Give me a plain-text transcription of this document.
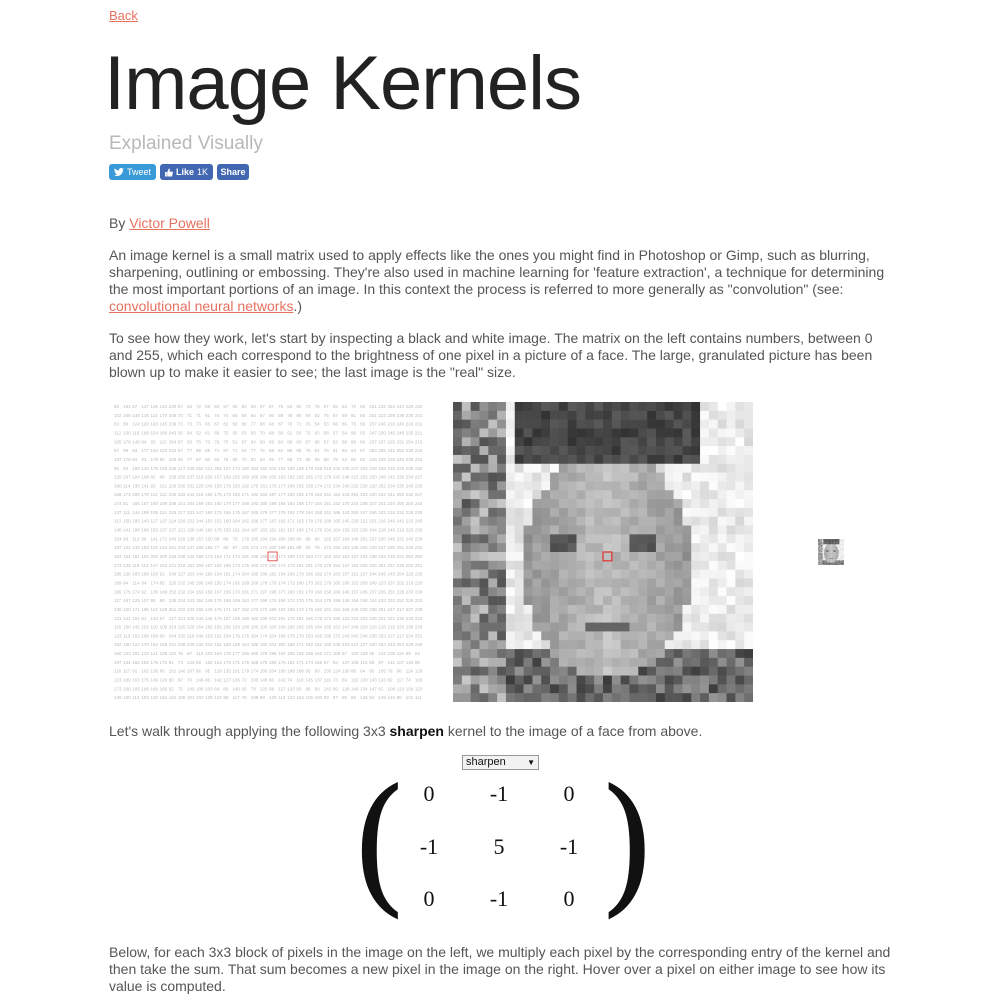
Back
Image Kernels
Explained Visually
Tweet	Like 1K Share

By Victor Powell

An image kernel is a small matrix used to apply effects like the ones you might find in Photoshop or Gimp, such as blurring, sharpening, outlining or embossing. They're also used in machine learning for 'feature extraction', a technique for determining the most important portions of an image. In this context the process is referred to more generally as "convolution" (see: convolutional neural networks.)

To see how they work, let's start by inspecting a black and white image. The matrix on the left contains numbers, between 0 and 255, which each correspond to the brightness of one pixel in a picture of a face. The large, granulated picture has been blown up to make it easier to see; the last image is the "real" size.

80 191 87 147 125 134 240 57 63 72 89 83 57 90 83 68 87 67 76 63 80 72 76 67 55 63 70 50 221 232 254 244 226 232
102 169 148 135 113 179 245 70 71 71 51 74 74 66 84 64 67 60 89 78 85 84 52 75 87 59 81 56 251 222 229 238 230 231
83 89 124 120 193 145 238 73 73 73 65 87 82 58 80 77 88 68 87 70 71 70 54 53 66 85 73 56 237 246 216 240 216 231
112 130 116 188 154 189 243 55 84 52 61 80 75 55 53 58 70 68 56 51 55 75 82 58 57 54 90 53 247 230 245 249 235 221
105 179 145 84 93 112 254 67 50 70 73 79 75 51 67 64 60 69 63 86 83 67 88 67 82 68 89 66 237 237 225 231 254 215
87 99 93 177 104 103 242 87 77 89 85 71 87 71 63 77 72 69 52 86 88 75 81 75 81 83 63 57 253 255 241 252 238 242
197 178 84 83 179 90 225 56 77 67 80 84 78 85 70 83 63 85 77 88 73 86 58 58 75 53 86 82 249 225 229 240 238 233
95 93 189 145 175 125 245 217 249 252 221 252 157 174 190 184 192 200 192 196 169 178 159 218 240 245 247 222 228 226 216 225 235 232
120 197 104 108 82 88 238 250 237 218 239 157 169 162 169 186 186 205 193 192 192 165 172 178 242 248 215 252 250 248 242 230 234 227
190 114 130 141 93 151 228 236 231 228 246 158 179 183 192 178 181 179 177 189 165 158 174 172 234 240 232 239 220 252 234 230 245 230
168 173 200 178 112 112 245 233 244 216 156 175 173 183 171 191 194 197 177 180 185 179 163 161 164 243 254 233 220 222 241 250 242 247
174 81 106 167 180 199 236 241 254 159 161 160 179 177 186 193 185 199 194 184 168 177 154 151 152 170 224 238 227 241 234 250 254 244
137 111 144 199 105 114 225 217 231 147 150 173 156 175 167 185 179 177 176 192 178 184 158 151 166 143 250 247 246 242 218 231 225 228
113 159 195 140 127 137 224 220 232 144 150 152 160 164 182 196 177 187 192 171 163 178 179 168 165 145 229 221 231 216 248 242 215 245
140 141 188 168 153 137 237 221 150 149 160 178 155 161 164 187 183 181 181 167 180 174 176 154 164 159 153 239 244 218 240 216 226 230
154 93 112 99 141 171 240 218 138 157 150 88 89 78 178 195 194 194 200 188 90 88 86 162 157 166 149 251 237 230 248 231 245 239
197 122 144 153 119 143 241 234 147 169 156 77 80 97 191 174 174 200 198 181 88 92 78 174 150 153 145 225 233 247 230 251 245 232
163 154 181 192 200 200 248 248 142 159 173 164 171 173 191 196 186 191 171 189 172 183 177 153 163 163 137 234 238 232 218 221 254 250
173 134 118 114 147 153 221 218 151 169 167 162 169 173 176 190 174 188 174 173 191 181 170 179 154 147 163 225 226 251 237 225 250 251
185 136 183 169 103 91 249 227 163 144 160 154 181 174 184 196 189 182 194 186 178 186 182 174 163 157 161 237 244 245 243 254 226 239
109 94 114 84 174 85 220 232 145 168 149 158 174 165 169 186 178 179 174 172 180 173 162 179 165 168 152 250 249 223 237 252 216 220
165 175 174 92 136 149 252 232 154 163 156 167 156 170 181 171 197 198 177 190 182 170 160 158 166 146 157 245 237 226 251 228 233 239
117 187 125 127 85 88 235 224 143 154 149 175 168 159 163 177 199 176 195 173 170 175 154 179 159 146 154 248 244 233 233 252 229 223
136 120 171 196 112 128 251 222 242 155 146 175 171 187 182 172 172 198 192 185 172 176 162 161 154 166 245 230 238 251 247 217 237 238
131 141 191 91 134 97 217 221 225 144 146 179 157 169 188 193 199 203 191 176 181 166 178 171 165 143 231 222 245 221 221 236 233 223
116 150 142 110 110 109 218 225 228 164 165 155 158 183 188 100 100 100 100 100 165 165 184 165 161 147 246 229 228 218 215 233 238 233
123 113 153 108 189 89 244 230 219 246 153 151 184 176 176 184 174 204 189 178 178 183 166 180 172 243 242 248 238 253 227 217 234 251
192 150 122 170 154 168 241 235 249 234 218 151 168 169 164 185 185 204 200 168 171 182 161 160 239 233 221 237 220 254 243 254 228 249
160 143 181 143 141 109 119 76 87 113 103 164 176 177 189 186 178 196 194 185 192 158 165 171 108 87 120 109 95 142 108 116 69 62
197 134 152 192 176 176 91 73 123 65 150 124 179 171 175 169 178 185 176 181 171 174 155 97 94 147 108 115 89 97 141 107 146 95
116 117 91 102 136 86 101 146 107 96 95 128 135 101 179 174 180 204 188 188 186 65 90 130 124 130 80 64 80 105 76 98 114 129
123 199 161 175 149 129 60 97 70 146 80 142 127 135 72 100 148 60 142 74 118 145 137 116 73 89 132 130 143 123 82 117 74 105
173 169 105 196 168 160 92 75 140 108 103 64 89 140 66 78 125 68 127 120 80 98 90 141 89 128 149 134 147 62 108 123 109 123
149 150 113 103 132 194 119 109 101 102 129 124 98 117 78 109 88 129 113 123 104 105 100 63 87 86 69 126 94 149 140 80 131 111

Let's walk through applying the following 3x3 sharpen kernel to the image of a face from above.

sharpen	▼
( )
0	-1	0
-1	5	-1
0	-1	0

Below, for each 3x3 block of pixels in the image on the left, we multiply each pixel by the corresponding entry of the kernel and then take the sum. That sum becomes a new pixel in the image on the right. Hover over a pixel on either image to see how its value is computed.
